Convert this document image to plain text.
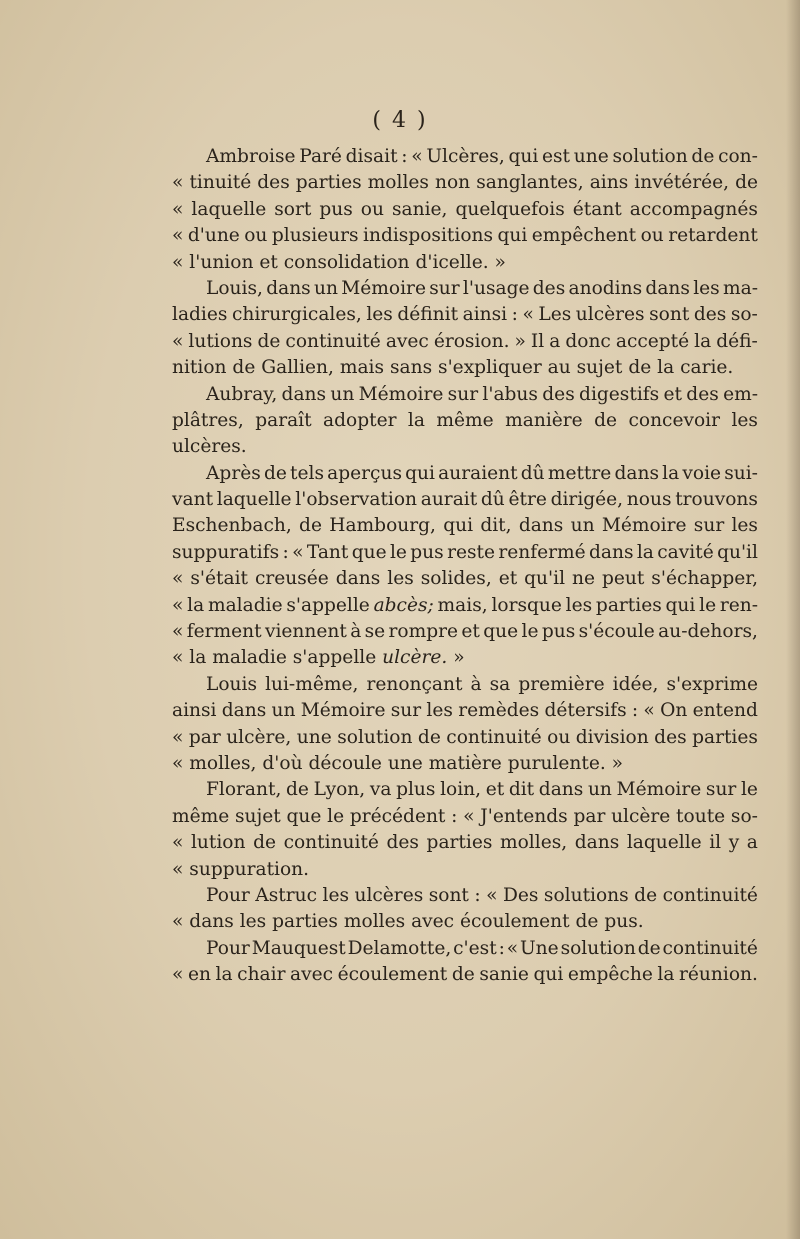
( 4 )
Ambroise Paré disait : « Ulcères, qui est une solution de con-
« tinuité des parties molles non sanglantes, ains invétérée, de
« laquelle sort pus ou sanie, quelquefois étant accompagnés
« d'une ou plusieurs indispositions qui empêchent ou retardent
« l'union et consolidation d'icelle. »
Louis, dans un Mémoire sur l'usage des anodins dans les ma-
ladies chirurgicales, les définit ainsi : « Les ulcères sont des so-
« lutions de continuité avec érosion. » Il a donc accepté la défi-
nition de Gallien, mais sans s'expliquer au sujet de la carie.
Aubray, dans un Mémoire sur l'abus des digestifs et des em-
plâtres, paraît adopter la même manière de concevoir les
ulcères.
Après de tels aperçus qui auraient dû mettre dans la voie sui-
vant laquelle l'observation aurait dû être dirigée, nous trouvons
Eschenbach, de Hambourg, qui dit, dans un Mémoire sur les
suppuratifs : « Tant que le pus reste renfermé dans la cavité qu'il
« s'était creusée dans les solides, et qu'il ne peut s'échapper,
« la maladie s'appelle abcès; mais, lorsque les parties qui le ren-
« ferment viennent à se rompre et que le pus s'écoule au-dehors,
« la maladie s'appelle ulcère. »
Louis lui-même, renonçant à sa première idée, s'exprime
ainsi dans un Mémoire sur les remèdes détersifs : « On entend
« par ulcère, une solution de continuité ou division des parties
« molles, d'où découle une matière purulente. »
Florant, de Lyon, va plus loin, et dit dans un Mémoire sur le
même sujet que le précédent : « J'entends par ulcère toute so-
« lution de continuité des parties molles, dans laquelle il y a
« suppuration.
Pour Astruc les ulcères sont : « Des solutions de continuité
« dans les parties molles avec écoulement de pus.
Pour Mauquest Delamotte, c'est : « Une solution de continuité
« en la chair avec écoulement de sanie qui empêche la réunion.
